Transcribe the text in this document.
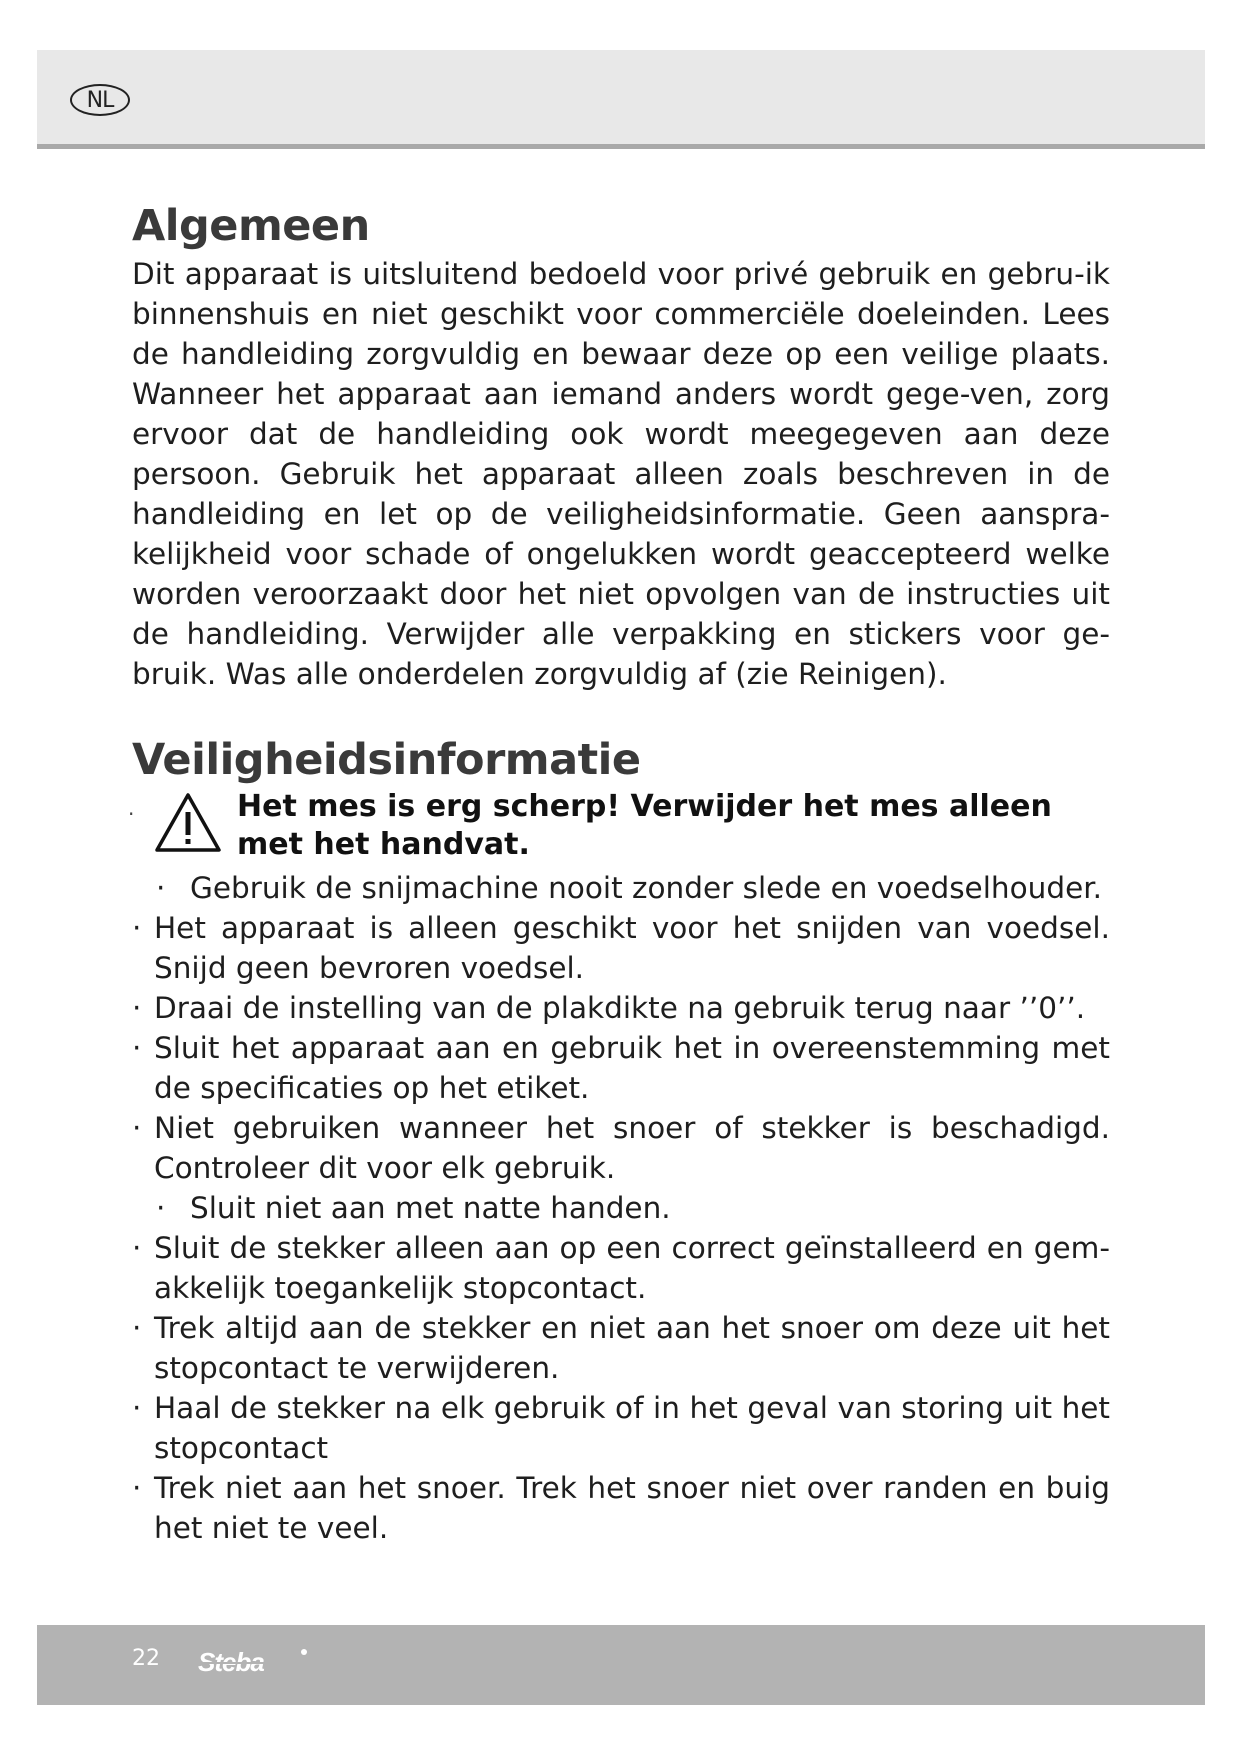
NL
Algemeen

Dit apparaat is uitsluitend bedoeld voor privé gebruik en gebru-ik binnenshuis en niet geschikt voor commerciële doeleinden. Lees de handleiding zorgvuldig en bewaar deze op een veilige plaats. Wanneer het apparaat aan iemand anders wordt gege-ven, zorg ervoor dat de handleiding ook wordt meegegeven aan deze persoon. Gebruik het apparaat alleen zoals beschreven in de handleiding en let op de veiligheidsinformatie. Geen aanspra-kelijkheid voor schade of ongelukken wordt geaccepteerd welke worden veroorzaakt door het niet opvolgen van de instructies uit de handleiding. Verwijder alle verpakking en stickers voor ge-bruik. Was alle onderdelen zorgvuldig af (zie Reinigen).

Veiligheidsinformatie
·	Het mes is erg scherp! Verwijder het mes alleen met het handvat.
· Gebruik de snijmachine nooit zonder slede en voedselhouder.
· Het apparaat is alleen geschikt voor het snijden van voedsel. Snijd geen bevroren voedsel.
· Draai de instelling van de plakdikte na gebruik terug naar ’’0’’.
· Sluit het apparaat aan en gebruik het in overeenstemming met de specificaties op het etiket.
· Niet gebruiken wanneer het snoer of stekker is beschadigd. Controleer dit voor elk gebruik.
· Sluit niet aan met natte handen.
· Sluit de stekker alleen aan op een correct geïnstalleerd en gem-akkelijk toegankelijk stopcontact.
· Trek altijd aan de stekker en niet aan het snoer om deze uit het stopcontact te verwijderen.
· Haal de stekker na elk gebruik of in het geval van storing uit het stopcontact
· Trek niet aan het snoer. Trek het snoer niet over randen en buig het niet te veel.
22 Steba
